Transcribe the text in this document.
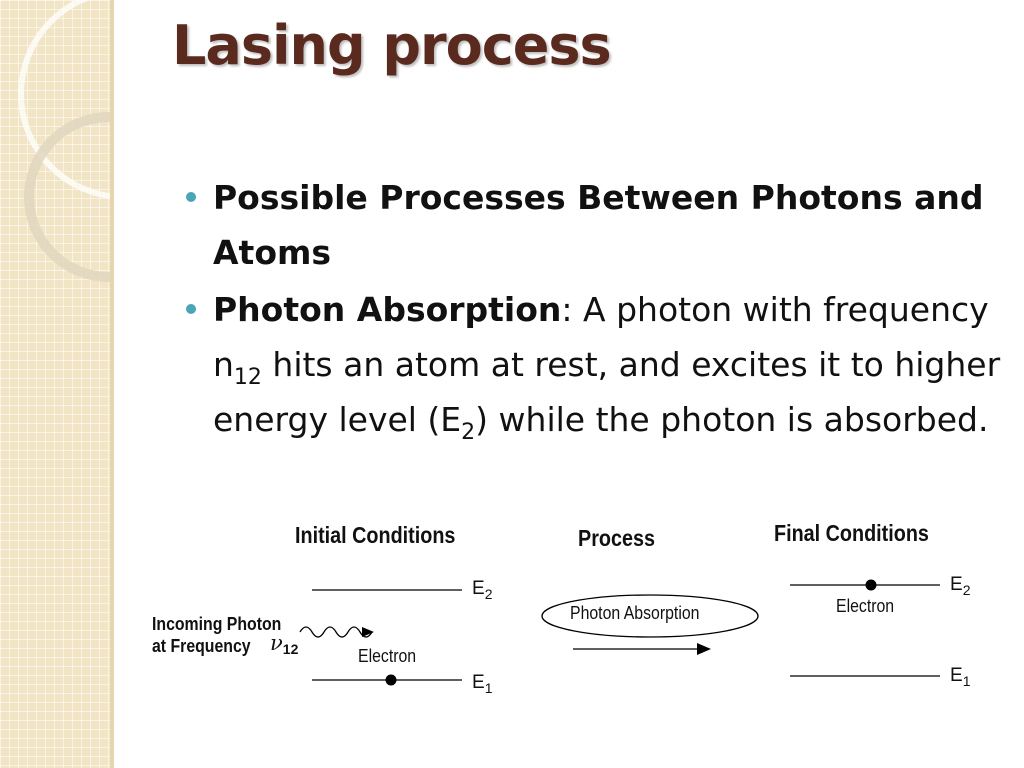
Lasing process
Possible Processes Between Photons and Atoms
Photon Absorption: A photon with frequency $n_{12}$ hits an atom at rest, and excites it to higher energy level $(E_2)$ while the photon is absorbed.
Initial Conditions	Process	Final Conditions
Incoming Photon
at Frequency ν12	Electron
Electron
Photon Absorption
$E_2$
$E_1$
$E_2$
$E_1$
